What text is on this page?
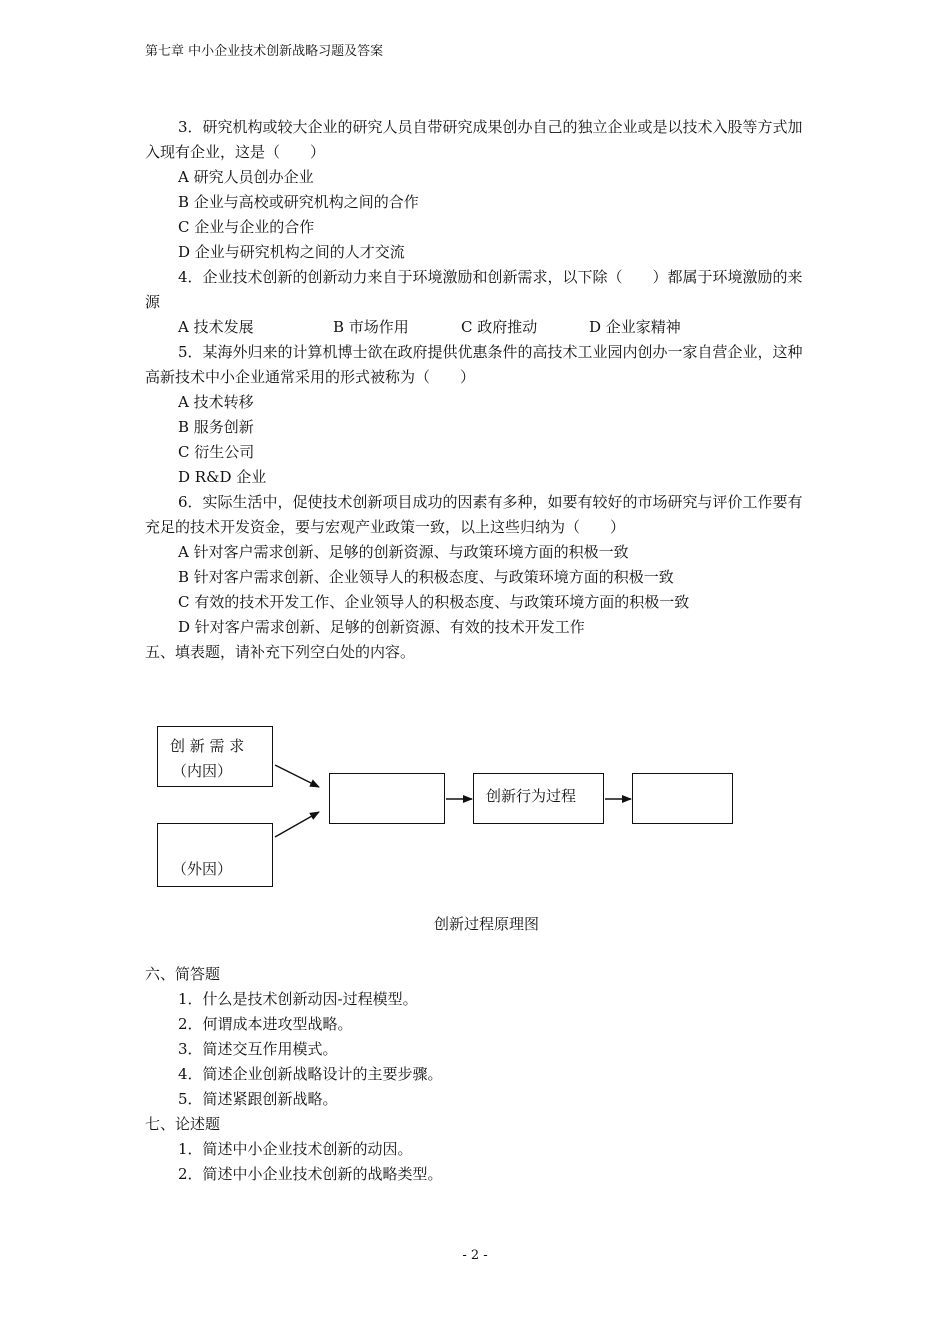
第七章 中小企业技术创新战略习题及答案

3．研究机构或较大企业的研究人员自带研究成果创办自己的独立企业或是以技术入股等方式加入现有企业，这是（　　）

A 研究人员创办企业

B 企业与高校或研究机构之间的合作

C 企业与企业的合作

D 企业与研究机构之间的人才交流

4．企业技术创新的创新动力来自于环境激励和创新需求，以下除（　　）都属于环境激励的来源

A 技术发展	B 市场作用	C 政府推动	D 企业家精神

5．某海外归来的计算机博士欲在政府提供优惠条件的高技术工业园内创办一家自营企业，这种高新技术中小企业通常采用的形式被称为（　　）

A 技术转移

B 服务创新

C 衍生公司

D R&D 企业

6．实际生活中，促使技术创新项目成功的因素有多种，如要有较好的市场研究与评价工作要有充足的技术开发资金，要与宏观产业政策一致，以上这些归纳为（　　）

A 针对客户需求创新、足够的创新资源、与政策环境方面的积极一致

B 针对客户需求创新、企业领导人的积极态度、与政策环境方面的积极一致

C 有效的技术开发工作、企业领导人的积极态度、与政策环境方面的积极一致

D 针对客户需求创新、足够的创新资源、有效的技术开发工作

五、填表题，请补充下列空白处的内容。

创 新 需 求
（内因）
（外因）
创新行为过程
创新过程原理图

六、简答题

1．什么是技术创新动因-过程模型。

2．何谓成本进攻型战略。

3．简述交互作用模式。

4．简述企业创新战略设计的主要步骤。

5．简述紧跟创新战略。

七、论述题

1．简述中小企业技术创新的动因。

2．简述中小企业技术创新的战略类型。

- 2 -
